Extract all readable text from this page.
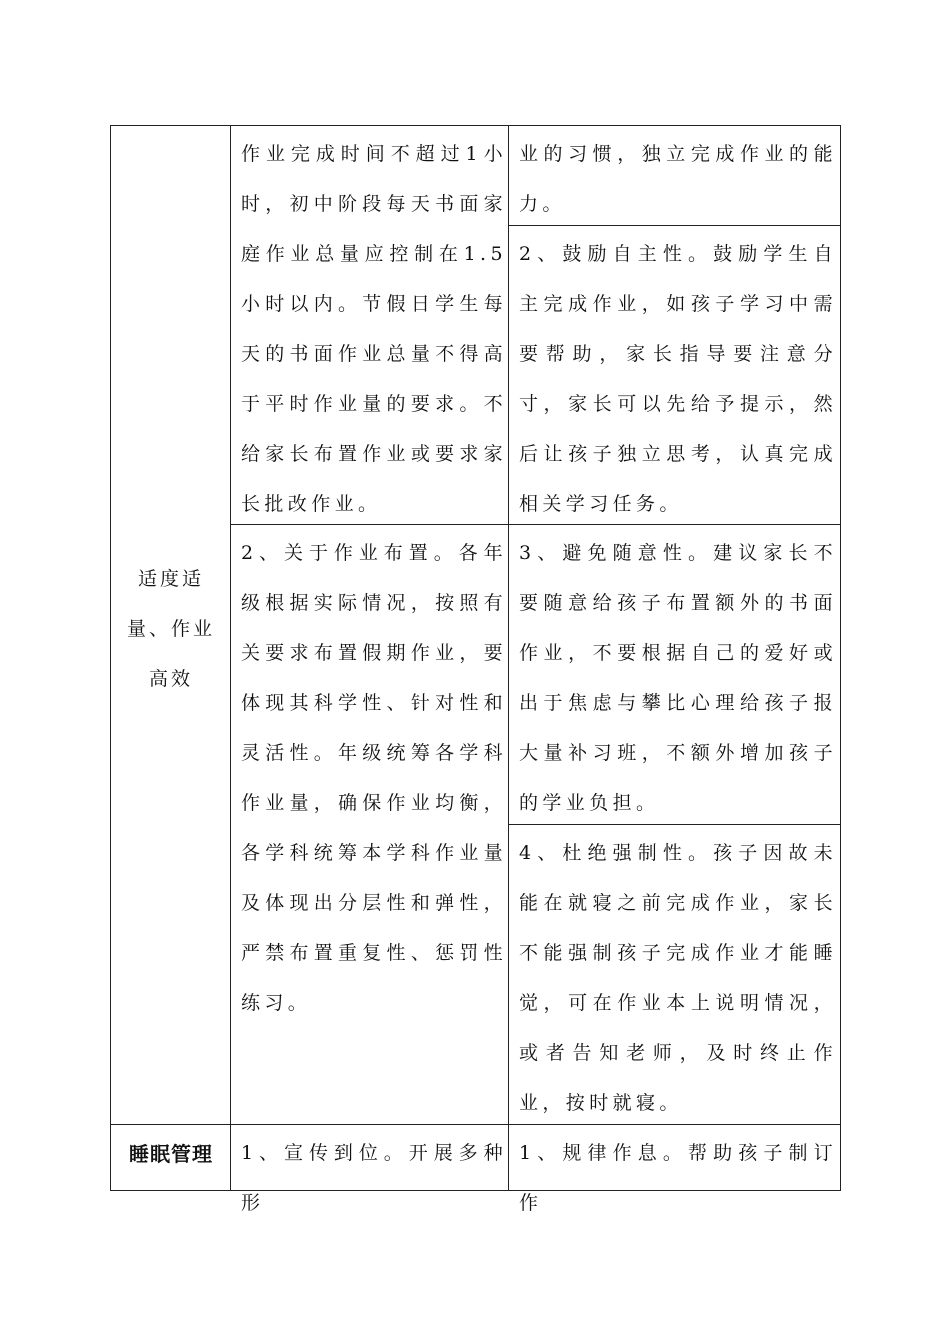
适度适量、作业高效

作业完成时间不超过1小时，初中阶段每天书面家庭作业总量应控制在1.5小时以内。节假日学生每天的书面作业总量不得高于平时作业量的要求。不给家长布置作业或要求家长批改作业。

2、关于作业布置。各年级根据实际情况，按照有关要求布置假期作业，要体现其科学性、针对性和灵活性。年级统筹各学科作业量，确保作业均衡，各学科统筹本学科作业量及体现出分层性和弹性，严禁布置重复性、惩罚性练习。

业的习惯，独立完成作业的能力。

2、鼓励自主性。鼓励学生自主完成作业，如孩子学习中需要帮助，家长指导要注意分寸，家长可以先给予提示，然后让孩子独立思考，认真完成相关学习任务。

3、避免随意性。建议家长不要随意给孩子布置额外的书面作业，不要根据自己的爱好或出于焦虑与攀比心理给孩子报大量补习班，不额外增加孩子的学业负担。

4、杜绝强制性。孩子因故未能在就寝之前完成作业，家长不能强制孩子完成作业才能睡觉，可在作业本上说明情况，或者告知老师，及时终止作业，按时就寝。

睡眠管理	1、宣传到位。开展多种形

1、规律作息。帮助孩子制订作
